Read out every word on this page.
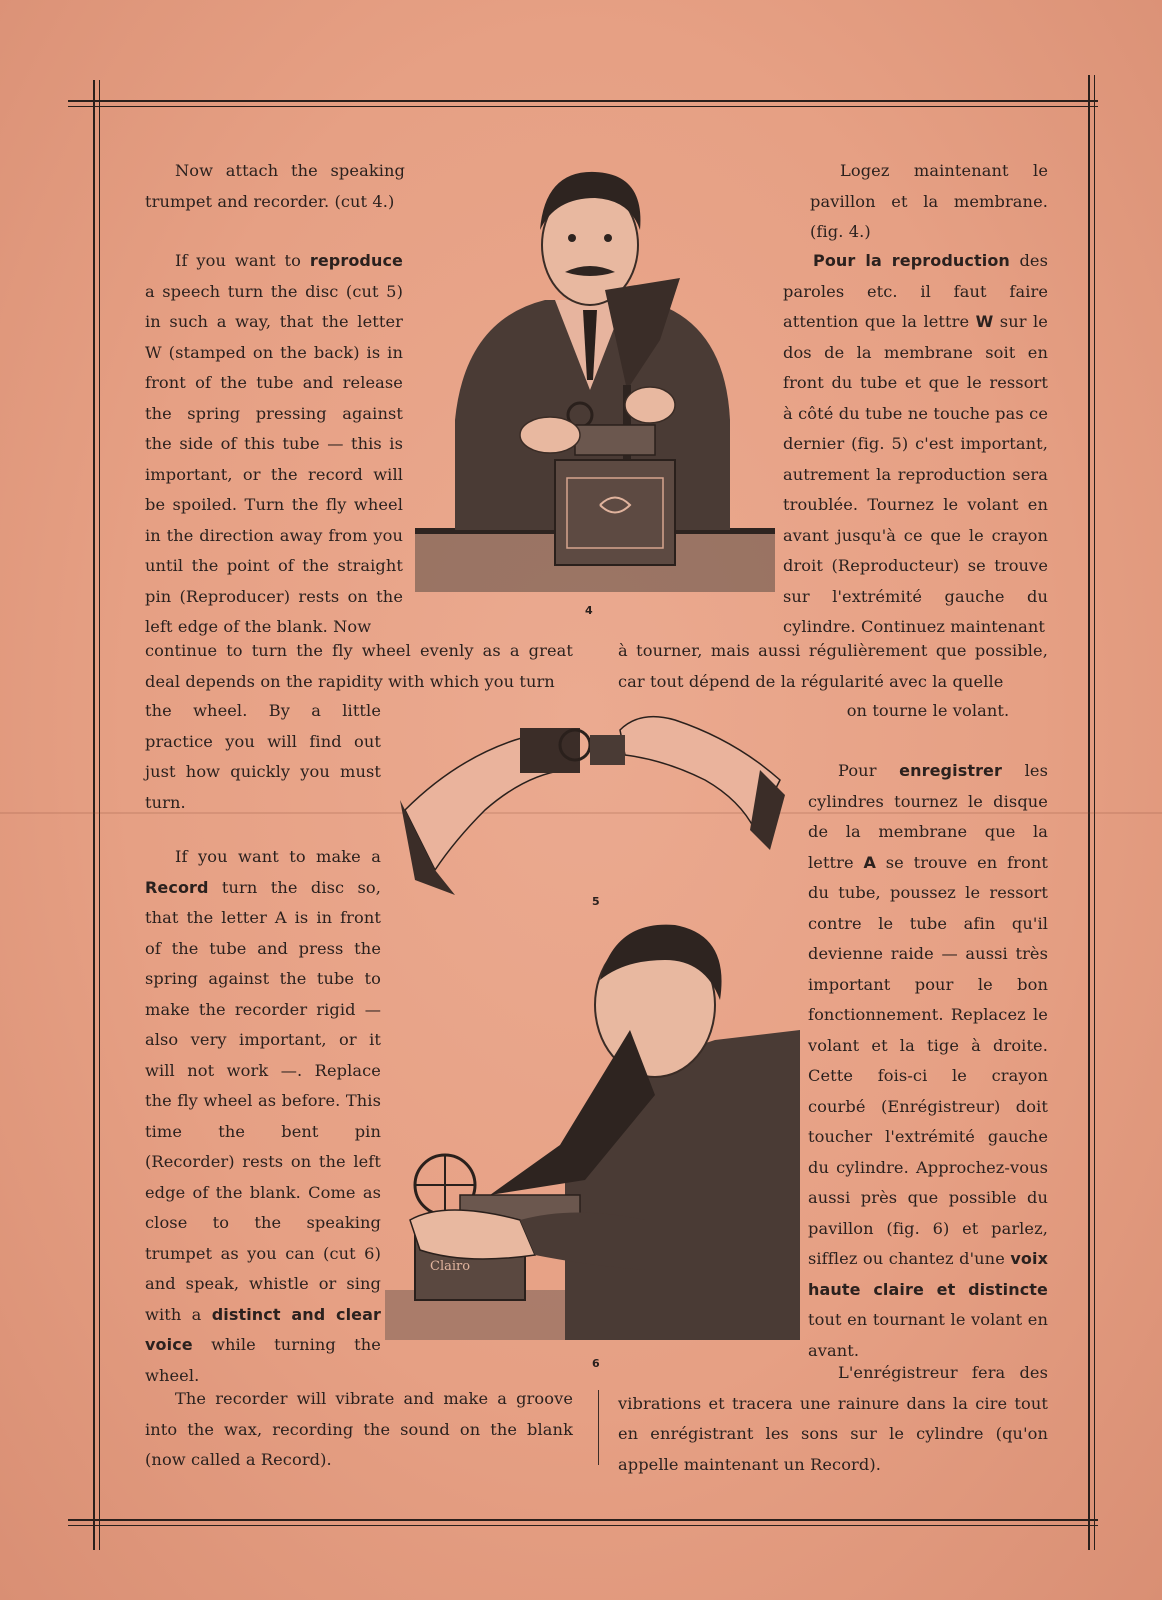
4
5
Clairo
6

Now attach the speaking trumpet and recorder. (cut 4.)

If you want to reproduce a speech turn the disc (cut 5) in such a way, that the letter W (stamped on the back) is in front of the tube and release the spring pressing against the side of this tube — this is important, or the record will be spoiled. Turn the fly wheel in the direction away from you until the point of the straight pin (Reproducer) rests on the left edge of the blank. Now

continue to turn the fly wheel evenly as a great deal depends on the rapidity with which you turn

the wheel. By a little practice you will find out just how quickly you must turn.

If you want to make a Record turn the disc so, that the letter A is in front of the tube and press the spring against the tube to make the recorder rigid — also very important, or it will not work —. Replace the fly wheel as before. This time the bent pin (Recorder) rests on the left edge of the blank. Come as close to the speaking trumpet as you can (cut 6) and speak, whistle or sing with a distinct and clear voice while turning the wheel.

The recorder will vibrate and make a groove into the wax, recording the sound on the blank (now called a Record).

Logez maintenant le pavillon et la membrane. (fig. 4.)

Pour la reproduction des paroles etc. il faut faire attention que la lettre W sur le dos de la membrane soit en front du tube et que le ressort à côté du tube ne touche pas ce dernier (fig. 5) c'est important, autrement la reproduction sera troublée. Tournez le volant en avant jusqu'à ce que le crayon droit (Reproducteur) se trouve sur l'extrémité gauche du cylindre. Continuez maintenant

à tourner, mais aussi régulièrement que possible, car tout dépend de la régularité avec la quelle

on tourne le volant.

Pour enregistrer les cylindres tournez le disque de la membrane que la lettre A se trouve en front du tube, poussez le ressort contre le tube afin qu'il devienne raide — aussi très important pour le bon fonctionnement. Replacez le volant et la tige à droite. Cette fois-ci le crayon courbé (Enrégistreur) doit toucher l'extrémité gauche du cylindre. Approchez-vous aussi près que possible du pavillon (fig. 6) et parlez, sifflez ou chantez d'une voix haute claire et distincte tout en tournant le volant en avant.

L'enrégistreur fera des vibrations et tracera une rainure dans la cire tout en enrégistrant les sons sur le cylindre (qu'on appelle maintenant un Record).
